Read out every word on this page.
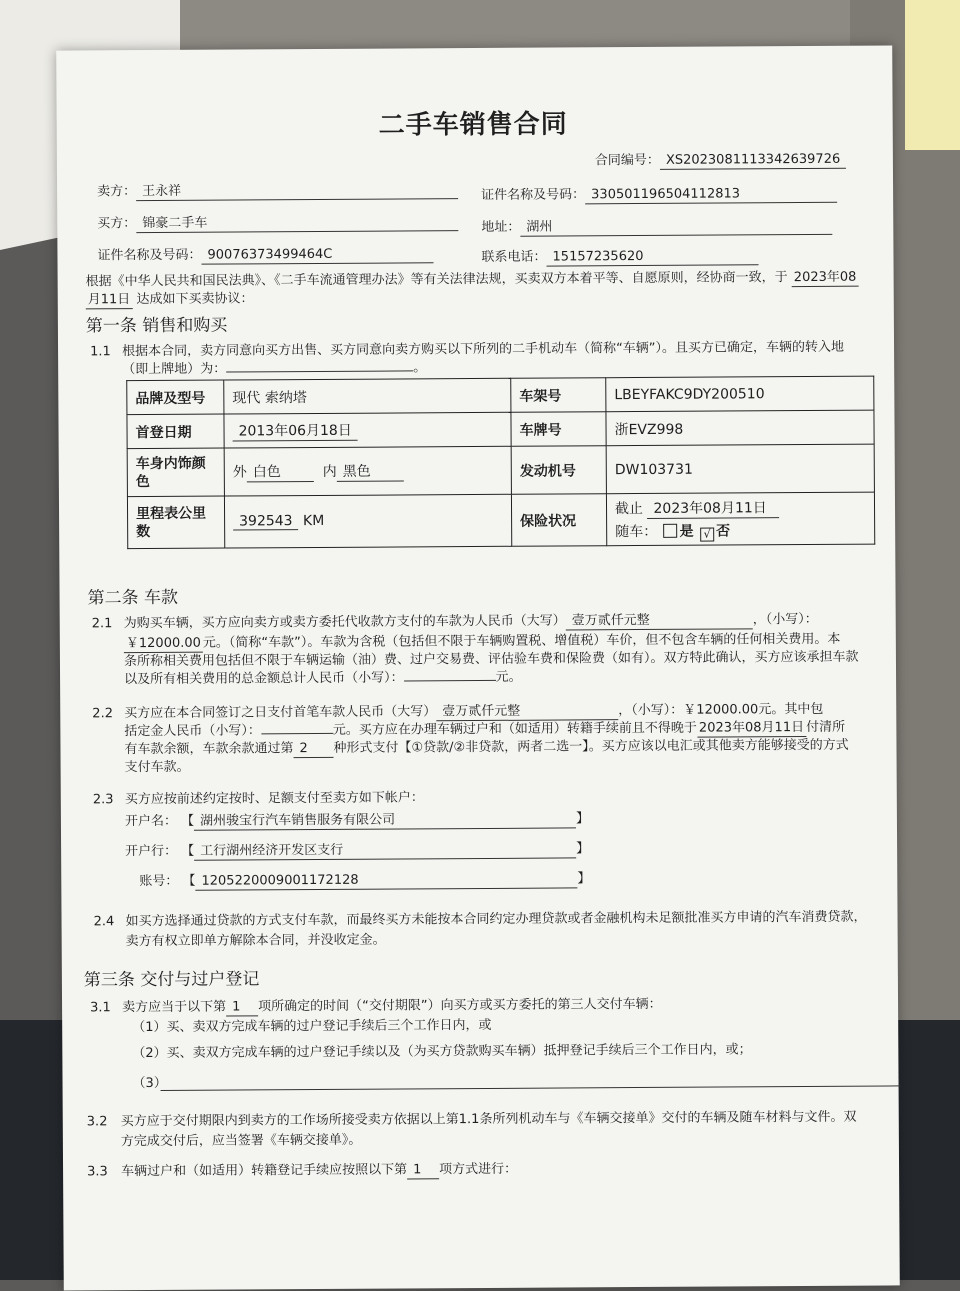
二手车销售合同
合同编号： XS2023081113342639726
卖方： 王永祥	证件名称及号码： 330501196504112813
买方： 锦豪二手车	地址： 湖州
证件名称及号码： 90076373499464C	联系电话： 15157235620
根据《中华人民共和国民法典》、《二手车流通管理办法》等有关法律法规，买卖双方本着平等、自愿原则，经协商一致，于 2023年08
月11日 达成如下买卖协议：
第一条 销售和购买
1.1 根据本合同，卖方同意向买方出售、买方同意向卖方购买以下所列的二手机动车（简称“车辆”）。且买方已确定，车辆的转入地
（即上牌地）为：	。
品牌及型号	现代 索纳塔	车架号	LBEYFAKC9DY200510
首登日期	2013年06月18日	车牌号	浙EVZ998
车身内饰颜色	外 白色 内 黑色	发动机号	DW103731
里程表公里数	392543 KM	保险状况	截止 2023年08月11日
随车： 是 √ 否
第二条 车款
2.1 为购买车辆，买方应向卖方或卖方委托代收款方支付的车款为人民币（大写） 壹万贰仟元整	，（小写）：
￥12000.00 元。（简称“车款”）。车款为含税（包括但不限于车辆购置税、增值税）车价，但不包含车辆的任何相关费用。本
条所称相关费用包括但不限于车辆运输（油）费、过户交易费、评估验车费和保险费（如有）。双方特此确认，买方应该承担车款
以及所有相关费用的总金额总计人民币（小写）：	元。
2.2 买方应在本合同签订之日支付首笔车款人民币（大写） 壹万贰仟元整	，（小写）：￥12000.00元。其中包
括定金人民币（小写）：	元。买方应在办理车辆过户和（如适用）转籍手续前且不得晚于 2023年08月11日 付清所
有车款余额，车款余款通过第 2 种形式支付【①贷款/②非贷款，两者二选一】。买方应该以电汇或其他卖方能够接受的方式
支付车款。
2.3 买方应按前述约定按时、足额支付至卖方如下帐户：
开户名： 【 湖州骏宝行汽车销售服务有限公司	】
开户行： 【 工行湖州经济开发区支行	】
账号： 【 1205220009001172128	】
2.4 如买方选择通过贷款的方式支付车款，而最终买方未能按本合同约定办理贷款或者金融机构未足额批准买方申请的汽车消费贷款，
卖方有权立即单方解除本合同，并没收定金。
第三条 交付与过户登记
3.1 卖方应当于以下第 1 项所确定的时间（“交付期限”）向买方或买方委托的第三人交付车辆：
（1）买、卖双方完成车辆的过户登记手续后三个工作日内，或
（2）买、卖双方完成车辆的过户登记手续以及（为买方贷款购买车辆）抵押登记手续后三个工作日内，或；
（3）
3.2 买方应于交付期限内到卖方的工作场所接受卖方依据以上第1.1条所列机动车与《车辆交接单》交付的车辆及随车材料与文件。双
方完成交付后，应当签署《车辆交接单》。
3.3 车辆过户和（如适用）转籍登记手续应按照以下第 1 项方式进行：
